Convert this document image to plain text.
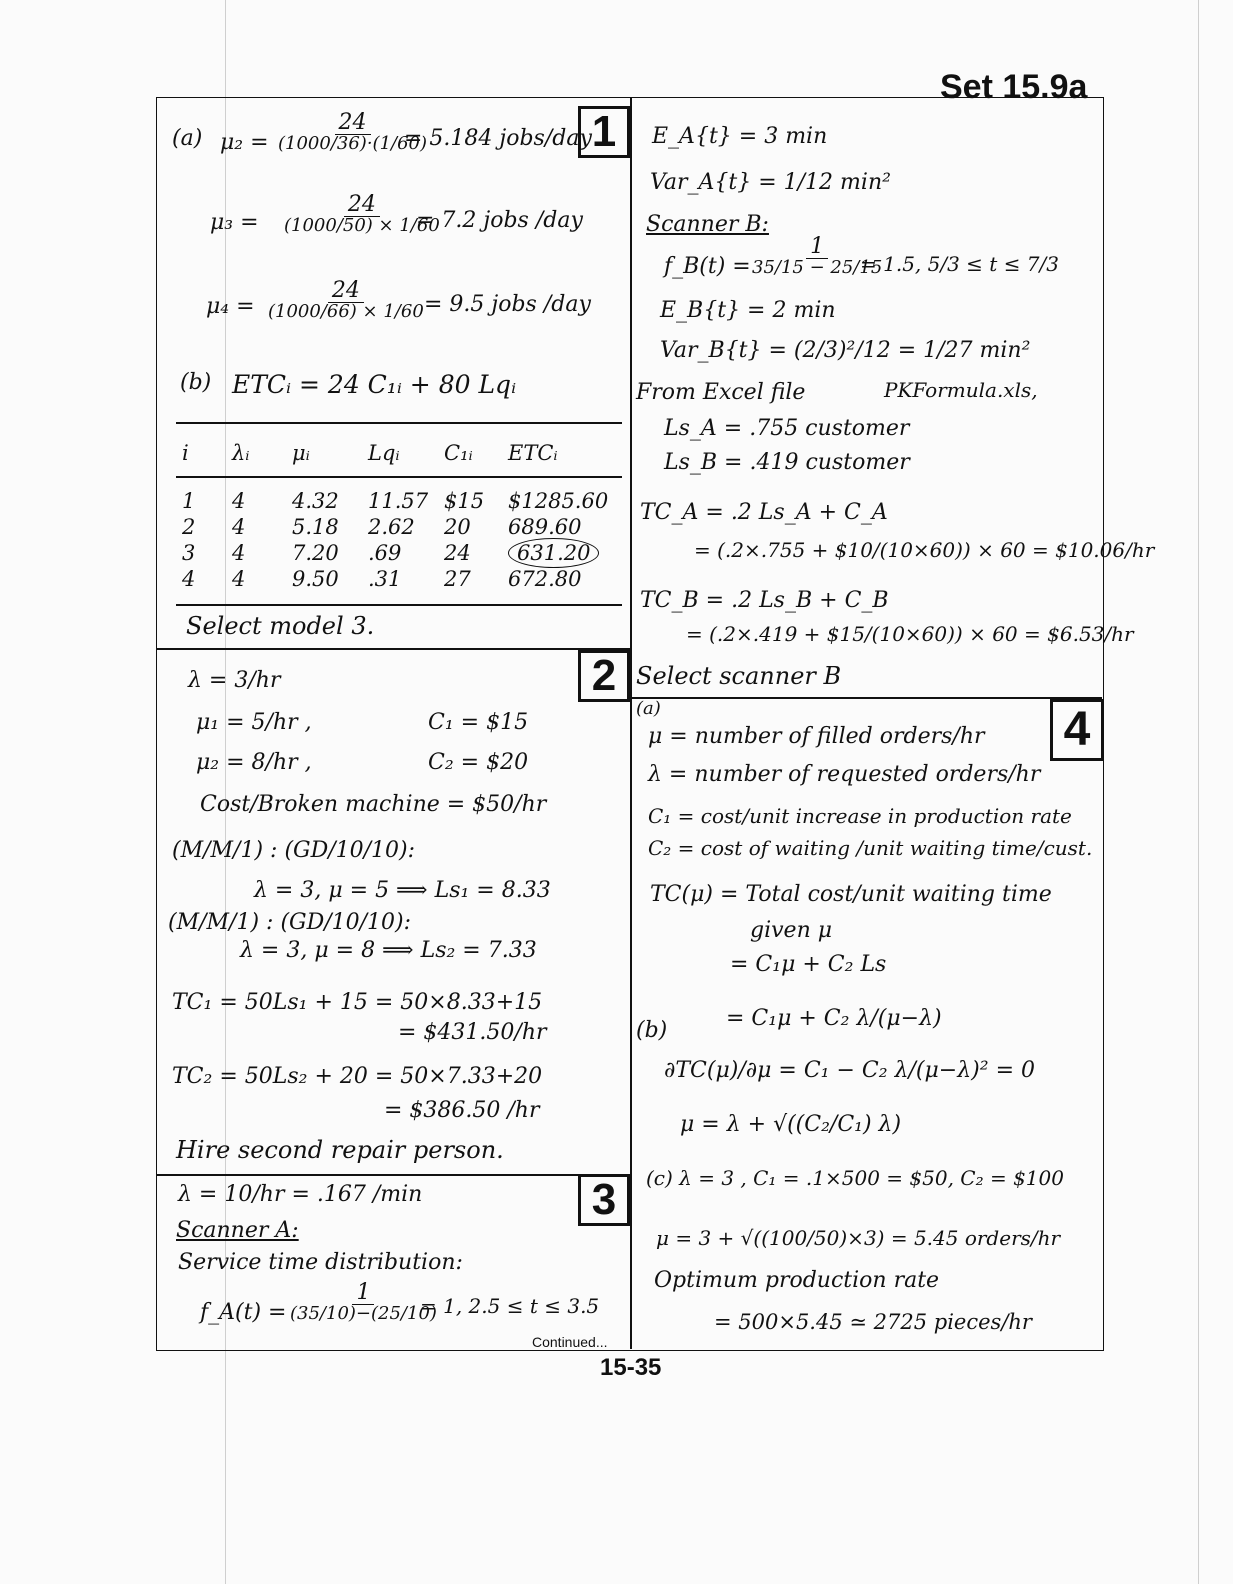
Set 15.9a
1
2
3
4
(a) $\mu_2 = \frac{24}{(1000/36)\cdot(1/60)}$
= 5.184 jobs/day
$\mu_3 = \frac{24}{(1000/50) \times 1/60}$
= 7.2 jobs /day
$\mu_4 = \frac{24}{(1000/66) \times 1/60} = 9.5$ jobs /day
(b) ETCᵢ = 24 C₁ᵢ + 80 Lqᵢ
i	λᵢ	μᵢ	Lqᵢ	C₁ᵢ	ETCᵢ

1	4	4.32	11.57	$15	$1285.60
2	4	5.18	2.62	20	689.60
3	4	7.20	.69	24	631.20
4	4	9.50	.31	27	672.80
Select model 3.
λ = 3/hr
μ₁ = 5/hr ,	C₁ = $15
μ₂ = 8/hr ,	C₂ = $20
Cost/Broken machine = $50/hr
(M/M/1) : (GD/10/10):
λ = 3, μ = 5 ⟹ Ls₁ = 8.33
(M/M/1) : (GD/10/10):
λ = 3, μ = 8 ⟹ Ls₂ = 7.33
TC₁ = 50Ls₁ + 15 = 50×8.33+15
= $431.50/hr
TC₂ = 50Ls₂ + 20 = 50×7.33+20
= $386.50 /hr
Hire second repair person.
λ = 10/hr = .167 /min
Scanner A:
Service time distribution:
f_A(t) = $\frac{1}{(35/10)-(25/10)}$
= 1, 2.5 ≤ t ≤ 3.5
Continued...
E_A{t} = 3 min
Var_A{t} = 1/12 min²
Scanner B:
f_B(t) = $\frac{1}{35/15 - 25/15}$
= 1.5, 5/3 ≤ t ≤ 7/3
E_B{t} = 2 min
Var_B{t} = (2/3)²/12 = 1/27 min²
From Excel file	PKFormula.xls,
Ls_A = .755 customer
Ls_B = .419 customer
TC_A = .2 Ls_A + C_A
= (.2×.755 + $10/(10×60)) × 60 = $10.06/hr
TC_B = .2 Ls_B + C_B
= (.2×.419 + $15/(10×60)) × 60 = $6.53/hr
Select scanner B
(a)
μ = number of filled orders/hr
λ = number of requested orders/hr
C₁ = cost/unit increase in production rate
C₂ = cost of waiting /unit waiting time/cust.
TC(μ) = Total cost/unit waiting time
given μ
= C₁μ + C₂ Ls
= C₁μ + C₂ λ/(μ−λ)
(b)
∂TC(μ)/∂μ = C₁ − C₂ λ/(μ−λ)² = 0
μ = λ + √((C₂/C₁) λ)
(c) λ = 3 , C₁ = .1×500 = $50, C₂ = $100
μ = 3 + √((100/50)×3) = 5.45 orders/hr
Optimum production rate
= 500×5.45 ≃ 2725 pieces/hr
15-35
